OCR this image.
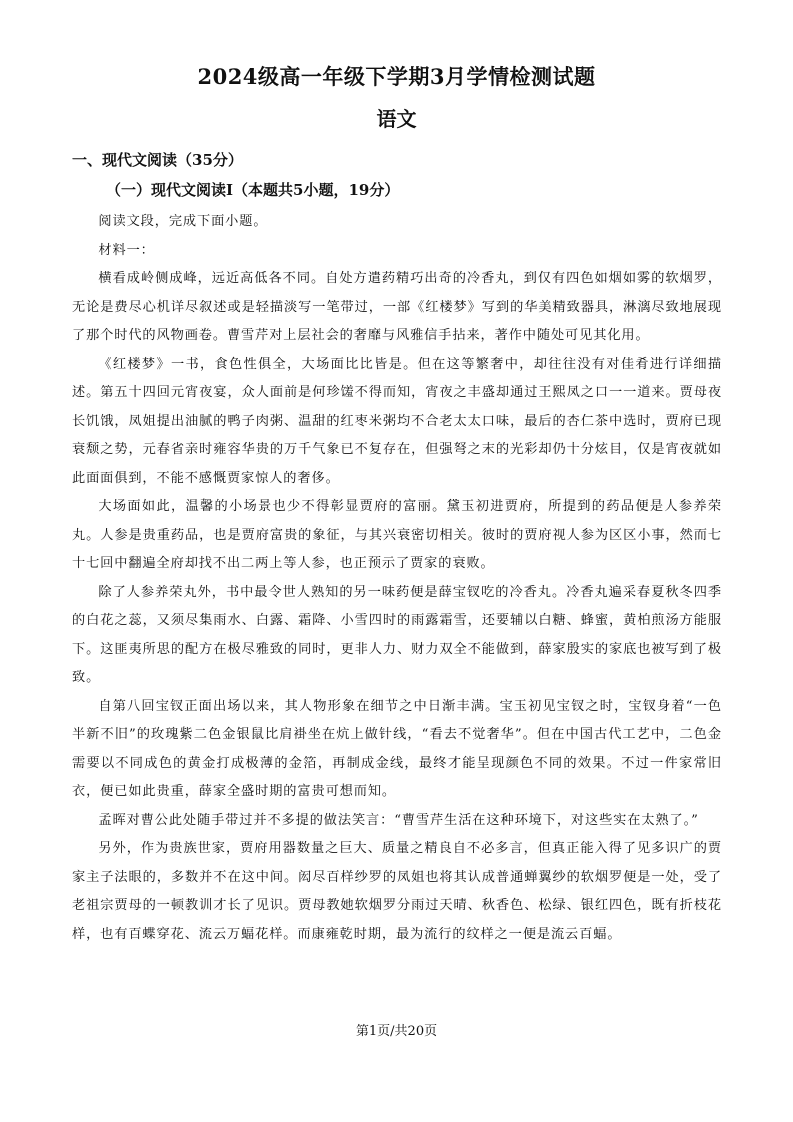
2024级高一年级下学期3月学情检测试题
语文
一、现代文阅读（35分）
（一）现代文阅读Ⅰ（本题共5小题，19分）

阅读文段，完成下面小题。

材料一：

横看成岭侧成峰，远近高低各不同。自处方遣药精巧出奇的冷香丸，到仅有四色如烟如雾的软烟罗，无论是费尽心机详尽叙述或是轻描淡写一笔带过，一部《红楼梦》写到的华美精致器具，淋漓尽致地展现了那个时代的风物画卷。曹雪芹对上层社会的奢靡与风雅信手拈来，著作中随处可见其化用。

《红楼梦》一书，食色性俱全，大场面比比皆是。但在这等繁奢中，却往往没有对佳肴进行详细描述。第五十四回元宵夜宴，众人面前是何珍馐不得而知，宵夜之丰盛却通过王熙凤之口一一道来。贾母夜长饥饿，凤姐提出油腻的鸭子肉粥、温甜的红枣米粥均不合老太太口味，最后的杏仁茶中选时，贾府已现衰颓之势，元春省亲时雍容华贵的万千气象已不复存在，但强弩之末的光彩却仍十分炫目，仅是宵夜就如此面面俱到，不能不感慨贾家惊人的奢侈。

大场面如此，温馨的小场景也少不得彰显贾府的富丽。黛玉初进贾府，所提到的药品便是人参养荣丸。人参是贵重药品，也是贾府富贵的象征，与其兴衰密切相关。彼时的贾府视人参为区区小事，然而七十七回中翻遍全府却找不出二两上等人参，也正预示了贾家的衰败。

除了人参养荣丸外，书中最令世人熟知的另一味药便是薛宝钗吃的冷香丸。冷香丸遍采春夏秋冬四季的白花之蕊，又须尽集雨水、白露、霜降、小雪四时的雨露霜雪，还要辅以白糖、蜂蜜，黄柏煎汤方能服下。这匪夷所思的配方在极尽雅致的同时，更非人力、财力双全不能做到，薛家殷实的家底也被写到了极致。

自第八回宝钗正面出场以来，其人物形象在细节之中日渐丰满。宝玉初见宝钗之时，宝钗身着“一色半新不旧”的玫瑰紫二色金银鼠比肩褂坐在炕上做针线，“看去不觉奢华”。但在中国古代工艺中，二色金需要以不同成色的黄金打成极薄的金箔，再制成金线，最终才能呈现颜色不同的效果。不过一件家常旧衣，便已如此贵重，薛家全盛时期的富贵可想而知。

孟晖对曹公此处随手带过并不多提的做法笑言：“曹雪芹生活在这种环境下，对这些实在太熟了。”

另外，作为贵族世家，贾府用器数量之巨大、质量之精良自不必多言，但真正能入得了见多识广的贾家主子法眼的，多数并不在这中间。闳尽百样纱罗的凤姐也将其认成普通蝉翼纱的软烟罗便是一处，受了老祖宗贾母的一顿教训才长了见识。贾母教她软烟罗分雨过天晴、秋香色、松绿、银红四色，既有折枝花样，也有百蝶穿花、流云万蝠花样。而康雍乾时期，最为流行的纹样之一便是流云百蝠。

第1页/共20页
